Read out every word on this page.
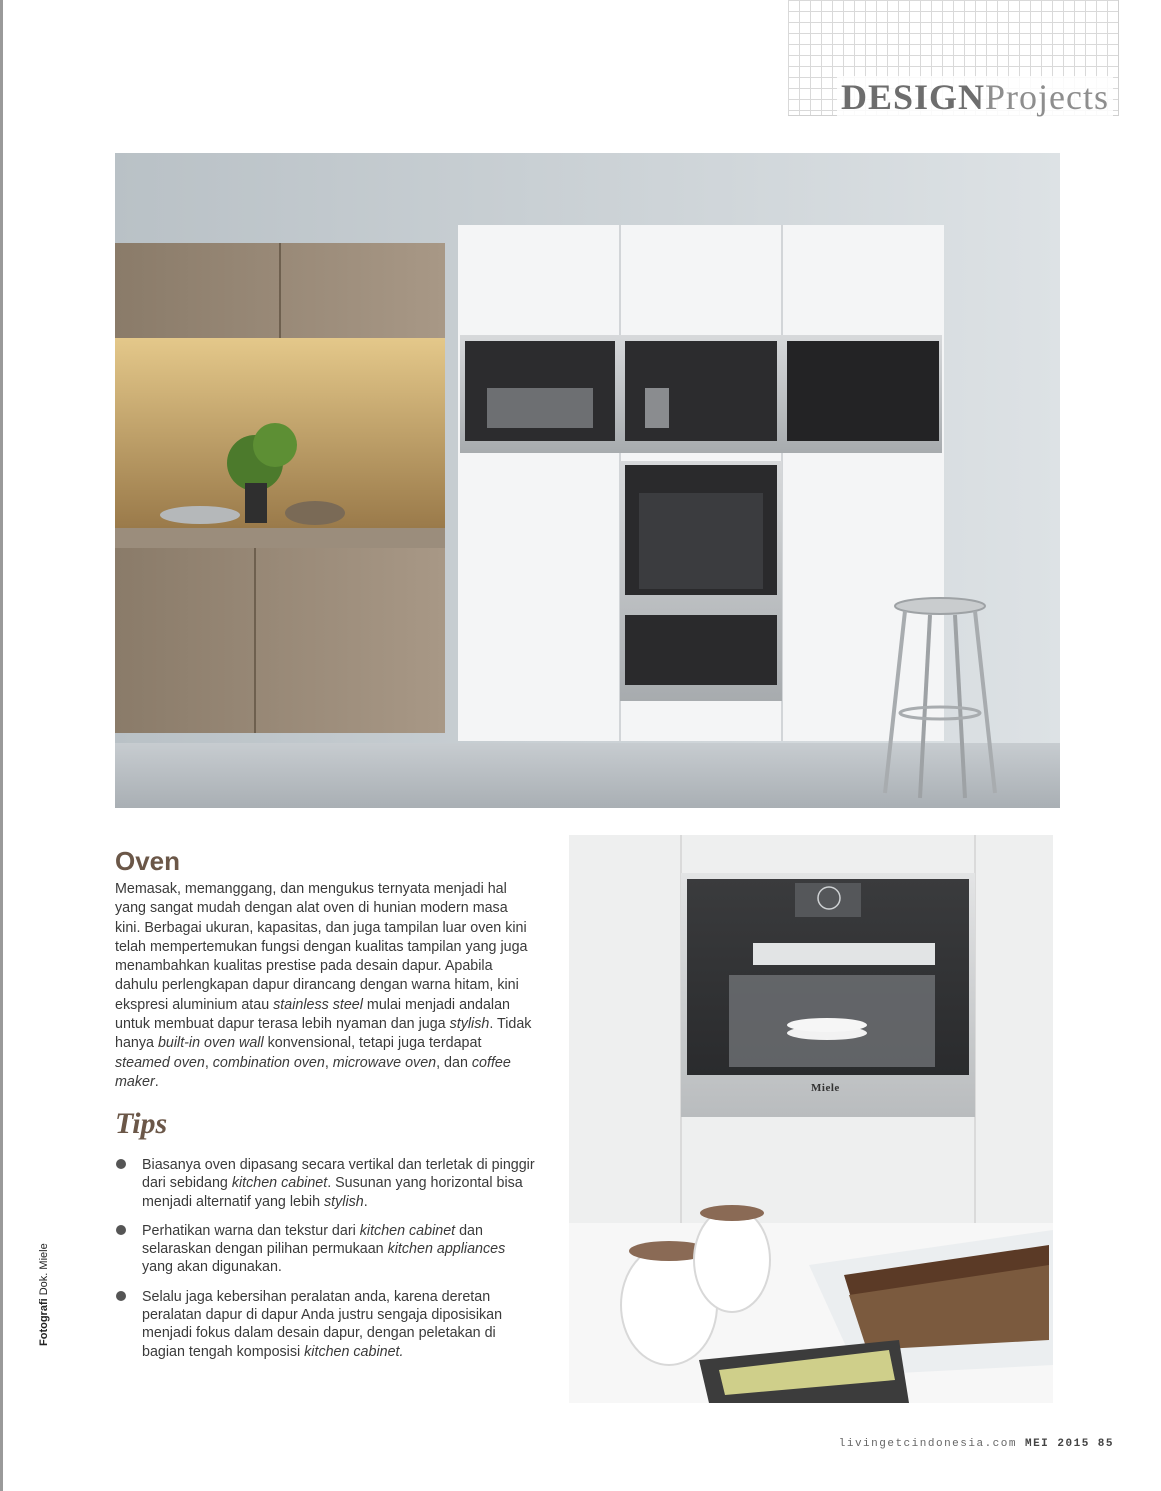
DESIGNProjects
Miele
Oven

Memasak, memanggang, dan mengukus ternyata menjadi hal yang sangat mudah dengan alat oven di hunian modern masa kini. Berbagai ukuran, kapasitas, dan juga tampilan luar oven kini telah mempertemukan fungsi dengan kualitas tampilan yang juga menambahkan kualitas prestise pada desain dapur. Apabila dahulu perlengkapan dapur dirancang dengan warna hitam, kini ekspresi aluminium atau stainless steel mulai menjadi andalan untuk membuat dapur terasa lebih nyaman dan juga stylish. Tidak hanya built-in oven wall konvensional, tetapi juga terdapat steamed oven, combination oven, microwave oven, dan coffee maker.

Tips
Biasanya oven dipasang secara vertikal dan terletak di pinggir dari sebidang kitchen cabinet. Susunan yang horizontal bisa menjadi alternatif yang lebih stylish.
Perhatikan warna dan tekstur dari kitchen cabinet dan selaraskan dengan pilihan permukaan kitchen appliances yang akan digunakan.
Selalu jaga kebersihan peralatan anda, karena deretan peralatan dapur di dapur Anda justru sengaja diposisikan menjadi fokus dalam desain dapur, dengan peletakan di bagian tengah komposisi kitchen cabinet.
Fotografi Dok. Miele
livingetcindonesia.com MEI 2015 85
